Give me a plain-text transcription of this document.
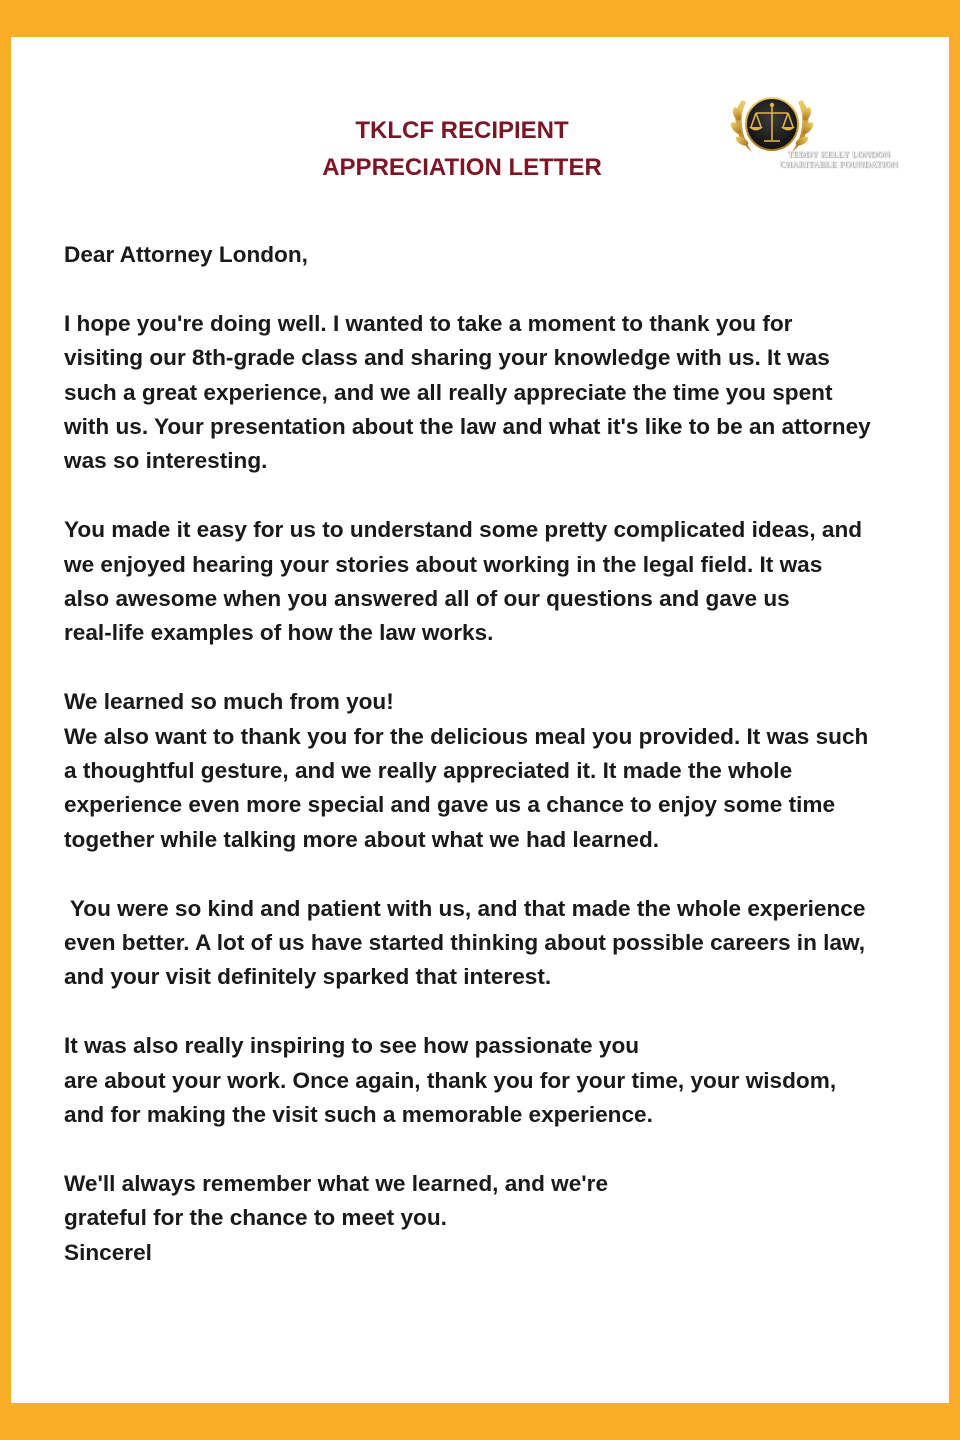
TKLCF RECIPIENT
APPRECIATION LETTER	TEDDY KELLY LONDON
CHARITABLE FOUNDATION

Dear Attorney London,

I hope you're doing well. I wanted to take a moment to thank you for
visiting our 8th-grade class and sharing your knowledge with us. It was
such a great experience, and we all really appreciate the time you spent
with us. Your presentation about the law and what it's like to be an attorney
was so interesting.

You made it easy for us to understand some pretty complicated ideas, and
we enjoyed hearing your stories about working in the legal field. It was
also awesome when you answered all of our questions and gave us
real-life examples of how the law works.

We learned so much from you!
We also want to thank you for the delicious meal you provided. It was such
a thoughtful gesture, and we really appreciated it. It made the whole
experience even more special and gave us a chance to enjoy some time
together while talking more about what we had learned.

You were so kind and patient with us, and that made the whole experience
even better. A lot of us have started thinking about possible careers in law,
and your visit definitely sparked that interest.

It was also really inspiring to see how passionate you
are about your work. Once again, thank you for your time, your wisdom,
and for making the visit such a memorable experience.

We'll always remember what we learned, and we're
grateful for the chance to meet you.
Sincerel
